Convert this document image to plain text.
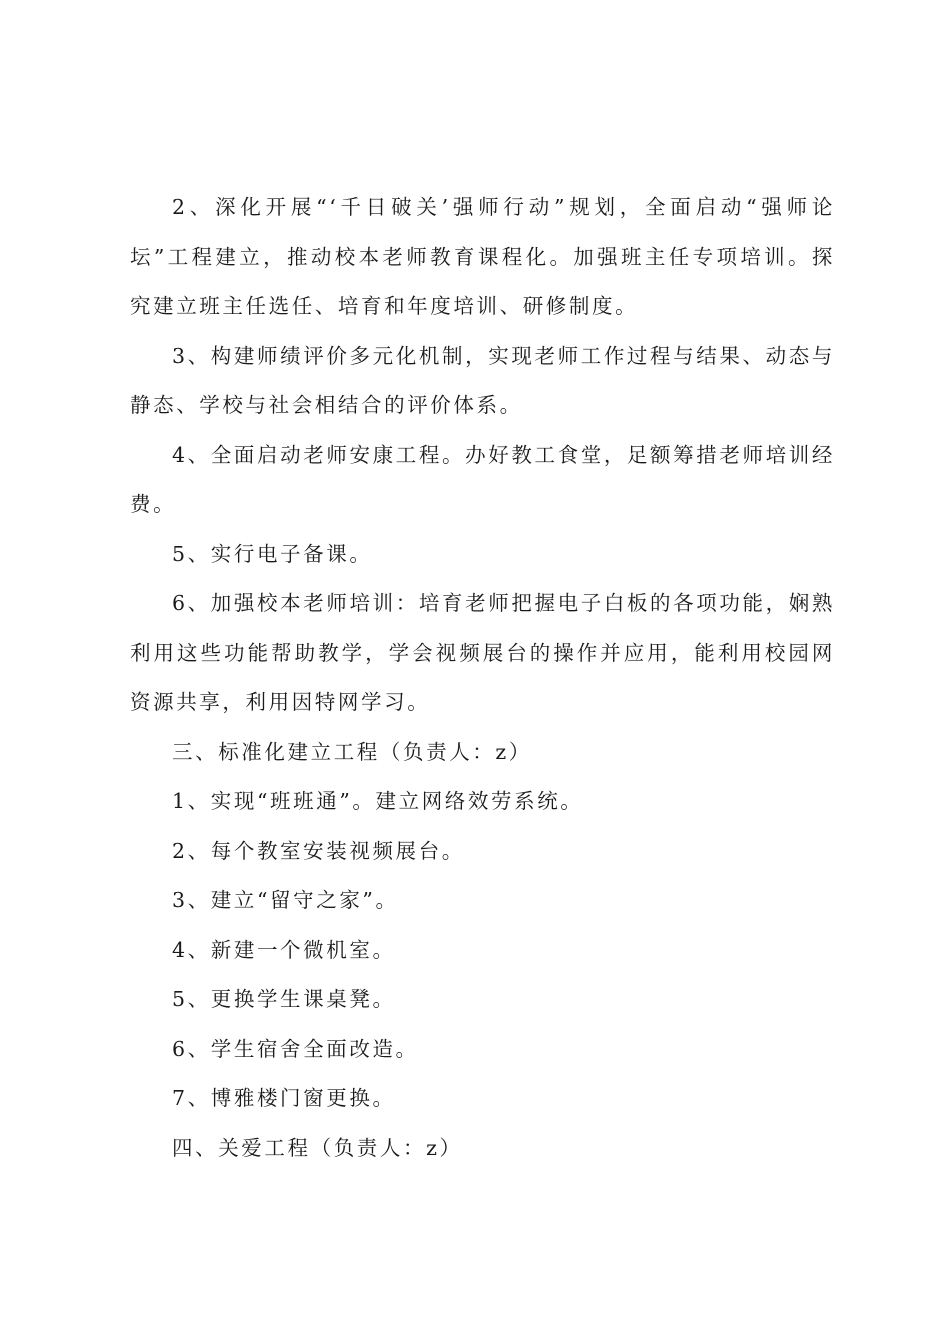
2、深化开展“‘千日破关’强师行动”规划，全面启动“强师论坛”工程建立，推动校本老师教育课程化。加强班主任专项培训。探究建立班主任选任、培育和年度培训、研修制度。

3、构建师绩评价多元化机制，实现老师工作过程与结果、动态与静态、学校与社会相结合的评价体系。

4、全面启动老师安康工程。办好教工食堂，足额筹措老师培训经费。

5、实行电子备课。

6、加强校本老师培训：培育老师把握电子白板的各项功能，娴熟利用这些功能帮助教学，学会视频展台的操作并应用，能利用校园网资源共享，利用因特网学习。

三、标准化建立工程（负责人：z）

1、实现“班班通”。建立网络效劳系统。

2、每个教室安装视频展台。

3、建立“留守之家”。

4、新建一个微机室。

5、更换学生课桌凳。

6、学生宿舍全面改造。

7、博雅楼门窗更换。

四、关爱工程（负责人：z）
